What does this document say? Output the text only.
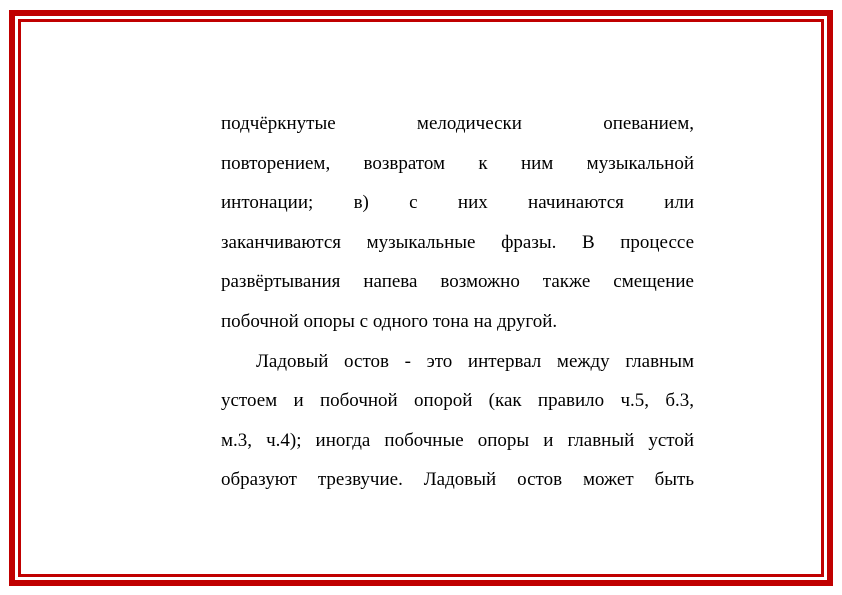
подчёркнутые мелодически опеванием,
повторением, возвратом к ним музыкальной
интонации; в) с них начинаются или
заканчиваются музыкальные фразы. В процессе
развёртывания напева возможно также смещение
побочной опоры с одного тона на другой.
Ладовый остов - это интервал между главным
устоем и побочной опорой (как правило ч.5, б.3,
м.3, ч.4); иногда побочные опоры и главный устой
образуют трезвучие. Ладовый остов может быть
